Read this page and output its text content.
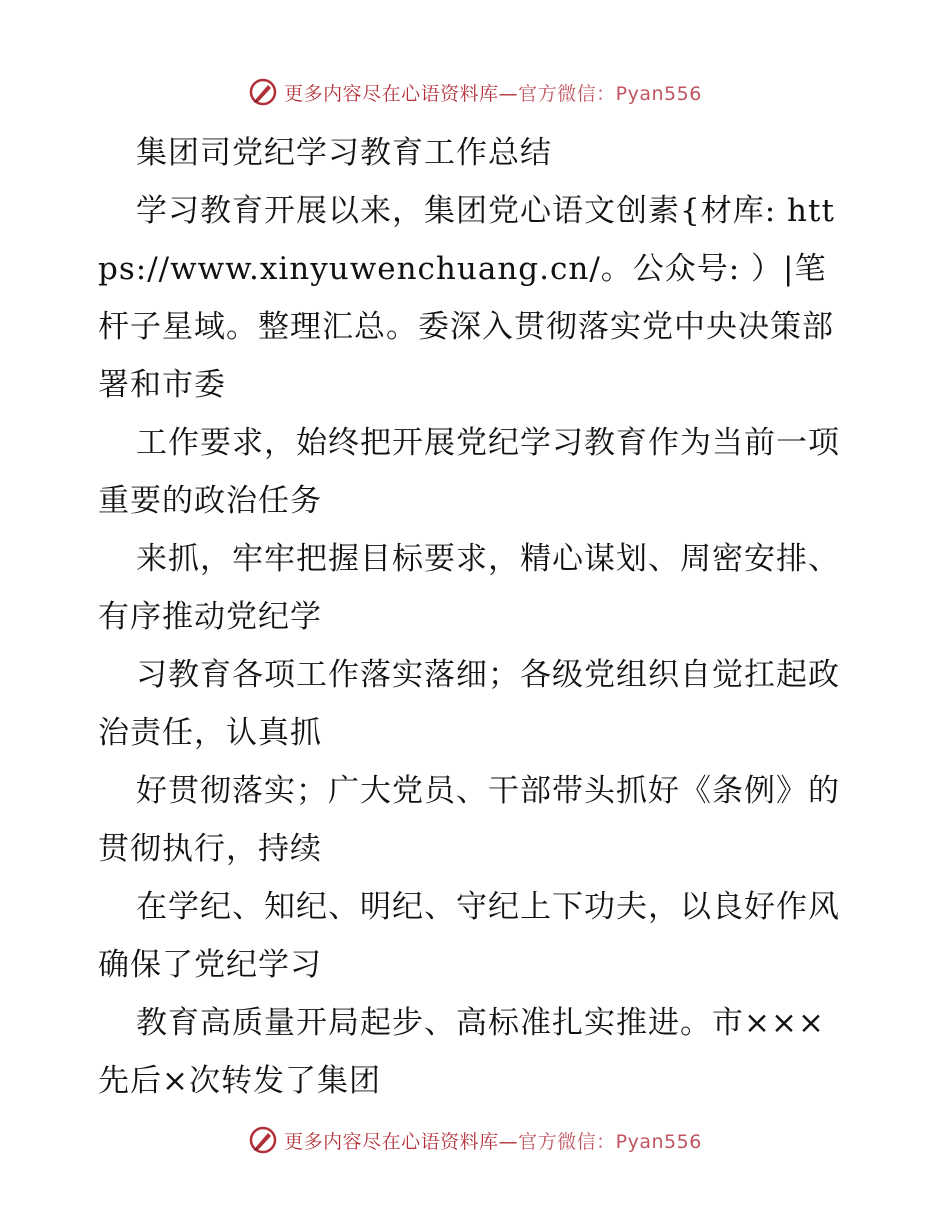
更多内容尽在心语资料库—官方微信：Pyan556

集团司党纪学习教育工作总结

学习教育开展以来，集团党心语文创素{材库: https://www.xinyuwenchuang.cn/。公众号: ）|笔杆子星域。整理汇总。委深入贯彻落实党中央决策部署和市委

工作要求，始终把开展党纪学习教育作为当前一项重要的政治任务

来抓，牢牢把握目标要求，精心谋划、周密安排、有序推动党纪学

习教育各项工作落实落细；各级党组织自觉扛起政治责任，认真抓

好贯彻落实；广大党员、干部带头抓好《条例》的贯彻执行，持续

在学纪、知纪、明纪、守纪上下功夫，以良好作风确保了党纪学习

教育高质量开局起步、高标准扎实推进。市×××先后×次转发了集团

更多内容尽在心语资料库—官方微信：Pyan556
